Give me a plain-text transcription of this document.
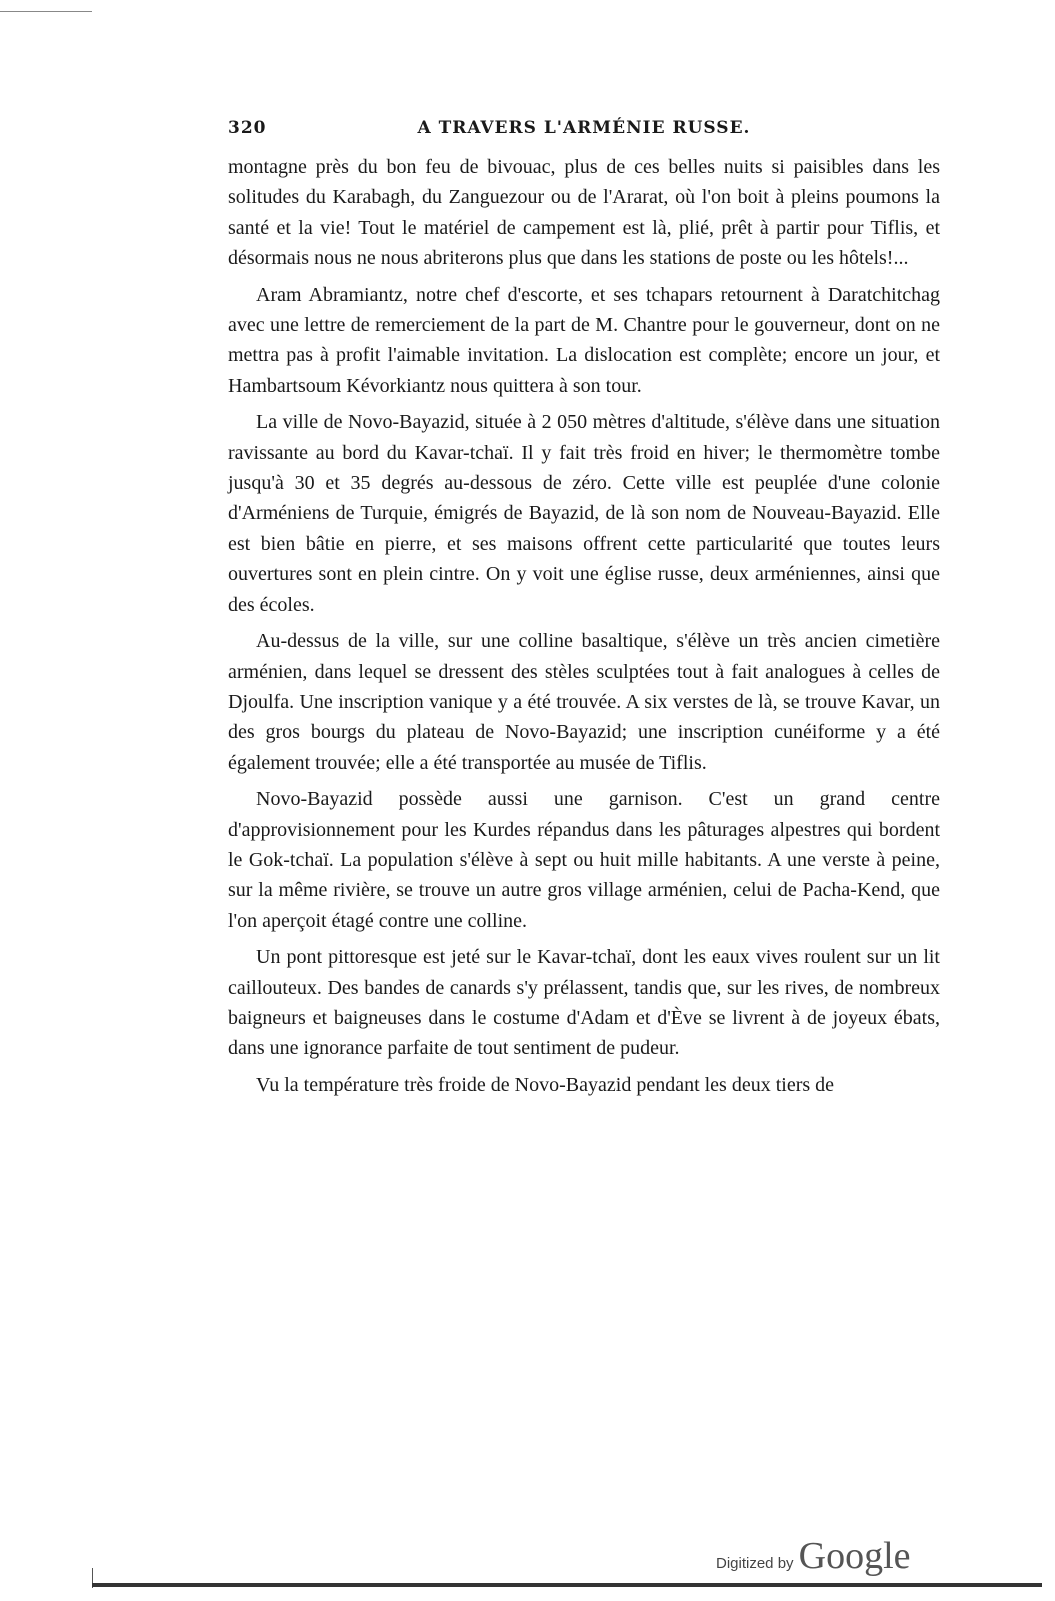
320	A TRAVERS L'ARMÉNIE RUSSE.

montagne près du bon feu de bivouac, plus de ces belles nuits si paisibles dans les solitudes du Karabagh, du Zanguezour ou de l'Ararat, où l'on boit à pleins poumons la santé et la vie! Tout le matériel de campement est là, plié, prêt à partir pour Tiflis, et désormais nous ne nous abriterons plus que dans les stations de poste ou les hôtels!...

Aram Abramiantz, notre chef d'escorte, et ses tchapars retournent à Daratchitchag avec une lettre de remerciement de la part de M. Chantre pour le gouverneur, dont on ne mettra pas à profit l'aimable invitation. La dislocation est complète; encore un jour, et Hambartsoum Kévorkiantz nous quittera à son tour.

La ville de Novo-Bayazid, située à 2 050 mètres d'altitude, s'élève dans une situation ravissante au bord du Kavar-tchaï. Il y fait très froid en hiver; le thermomètre tombe jusqu'à 30 et 35 degrés au-dessous de zéro. Cette ville est peuplée d'une colonie d'Arméniens de Turquie, émigrés de Bayazid, de là son nom de Nouveau-Bayazid. Elle est bien bâtie en pierre, et ses maisons offrent cette particularité que toutes leurs ouvertures sont en plein cintre. On y voit une église russe, deux arméniennes, ainsi que des écoles.

Au-dessus de la ville, sur une colline basaltique, s'élève un très ancien cimetière arménien, dans lequel se dressent des stèles sculptées tout à fait analogues à celles de Djoulfa. Une inscription vanique y a été trouvée. A six verstes de là, se trouve Kavar, un des gros bourgs du plateau de Novo-Bayazid; une inscription cunéiforme y a été également trouvée; elle a été transportée au musée de Tiflis.

Novo-Bayazid possède aussi une garnison. C'est un grand centre d'approvisionnement pour les Kurdes répandus dans les pâturages alpestres qui bordent le Gok-tchaï. La population s'élève à sept ou huit mille habitants. A une verste à peine, sur la même rivière, se trouve un autre gros village arménien, celui de Pacha-Kend, que l'on aperçoit étagé contre une colline.

Un pont pittoresque est jeté sur le Kavar-tchaï, dont les eaux vives roulent sur un lit caillouteux. Des bandes de canards s'y prélassent, tandis que, sur les rives, de nombreux baigneurs et baigneuses dans le costume d'Adam et d'Ève se livrent à de joyeux ébats, dans une ignorance parfaite de tout sentiment de pudeur.

Vu la température très froide de Novo-Bayazid pendant les deux tiers de

Digitized by Google
